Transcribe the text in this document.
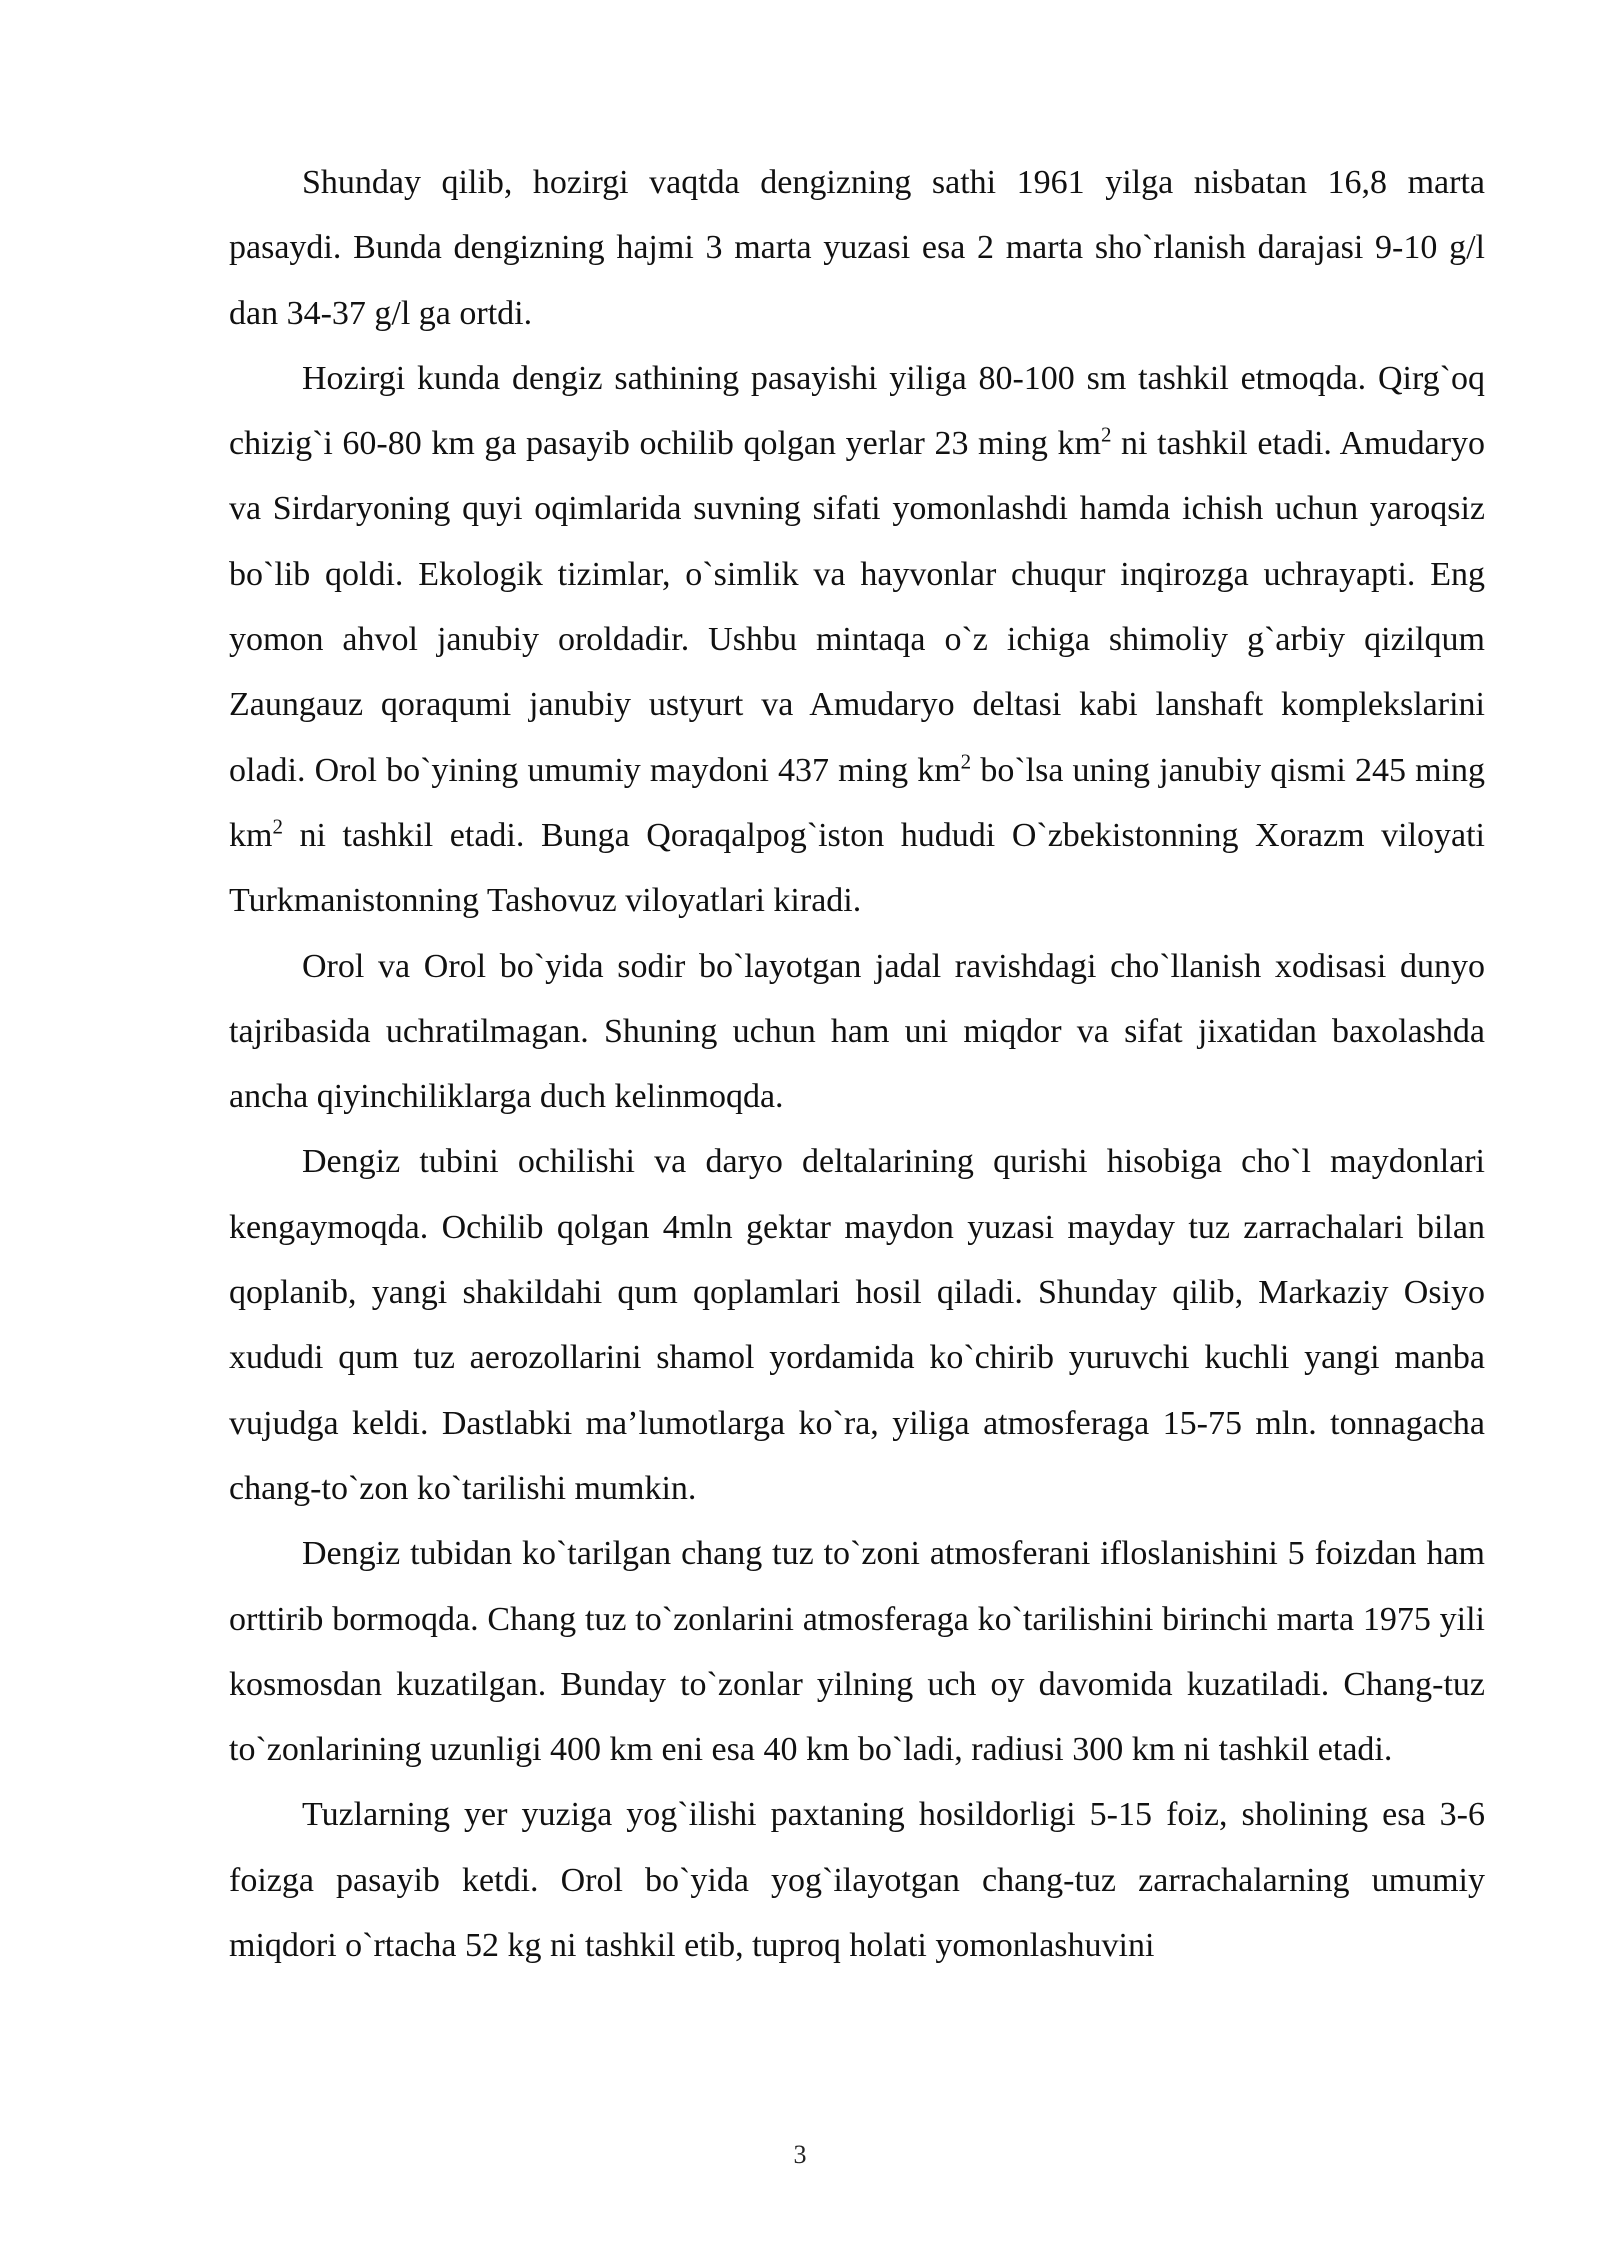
Shunday qilib, hozirgi vaqtda dengizning sathi 1961 yilga nisbatan 16,8 marta pasaydi. Bunda dengizning hajmi 3 marta yuzasi esa 2 marta sho`rlanish darajasi 9-10 g/l dan 34-37 g/l ga ortdi.

Hozirgi kunda dengiz sathining pasayishi yiliga 80-100 sm tashkil etmoqda. Qirg`oq chizig`i 60-80 km ga pasayib ochilib qolgan yerlar 23 ming $km^2$ ni tashkil etadi. Amudaryo va Sirdaryoning quyi oqimlarida suvning sifati yomonlashdi hamda ichish uchun yaroqsiz bo`lib qoldi. Ekologik tizimlar, o`simlik va hayvonlar chuqur inqirozga uchrayapti. Eng yomon ahvol janubiy oroldadir. Ushbu mintaqa o`z ichiga shimoliy g`arbiy qizilqum Zaungauz qoraqumi janubiy ustyurt va Amudaryo deltasi kabi lanshaft komplekslarini oladi. Orol bo`yining umumiy maydoni 437 ming $km^2$ bo`lsa uning janubiy qismi 245 ming $km^2$ ni tashkil etadi. Bunga Qoraqalpog`iston hududi O`zbekistonning Xorazm viloyati Turkmanistonning Tashovuz viloyatlari kiradi.

Orol va Orol bo`yida sodir bo`layotgan jadal ravishdagi cho`llanish xodisasi dunyo tajribasida uchratilmagan. Shuning uchun ham uni miqdor va sifat jixatidan baxolashda ancha qiyinchiliklarga duch kelinmoqda.

Dengiz tubini ochilishi va daryo deltalarining qurishi hisobiga cho`l maydonlari kengaymoqda. Ochilib qolgan 4mln gektar maydon yuzasi mayday tuz zarrachalari bilan qoplanib, yangi shakildahi qum qoplamlari hosil qiladi. Shunday qilib, Markaziy Osiyo xududi qum tuz aerozollarini shamol yordamida ko`chirib yuruvchi kuchli yangi manba vujudga keldi. Dastlabki ma’lumotlarga ko`ra, yiliga atmosferaga 15-75 mln. tonnagacha chang-to`zon ko`tarilishi mumkin.

Dengiz tubidan ko`tarilgan chang tuz to`zoni atmosferani ifloslanishini 5 foizdan ham orttirib bormoqda. Chang tuz to`zonlarini atmosferaga ko`tarilishini birinchi marta 1975 yili kosmosdan kuzatilgan. Bunday to`zonlar yilning uch oy davomida kuzatiladi. Chang-tuz to`zonlarining uzunligi 400 km eni esa 40 km bo`ladi, radiusi 300 km ni tashkil etadi.

Tuzlarning yer yuziga yog`ilishi paxtaning hosildorligi 5-15 foiz, sholining esa 3-6 foizga pasayib ketdi. Orol bo`yida yog`ilayotgan chang-tuz zarrachalarning umumiy miqdori o`rtacha 52 kg ni tashkil etib, tuproq holati yomonlashuvini

3
